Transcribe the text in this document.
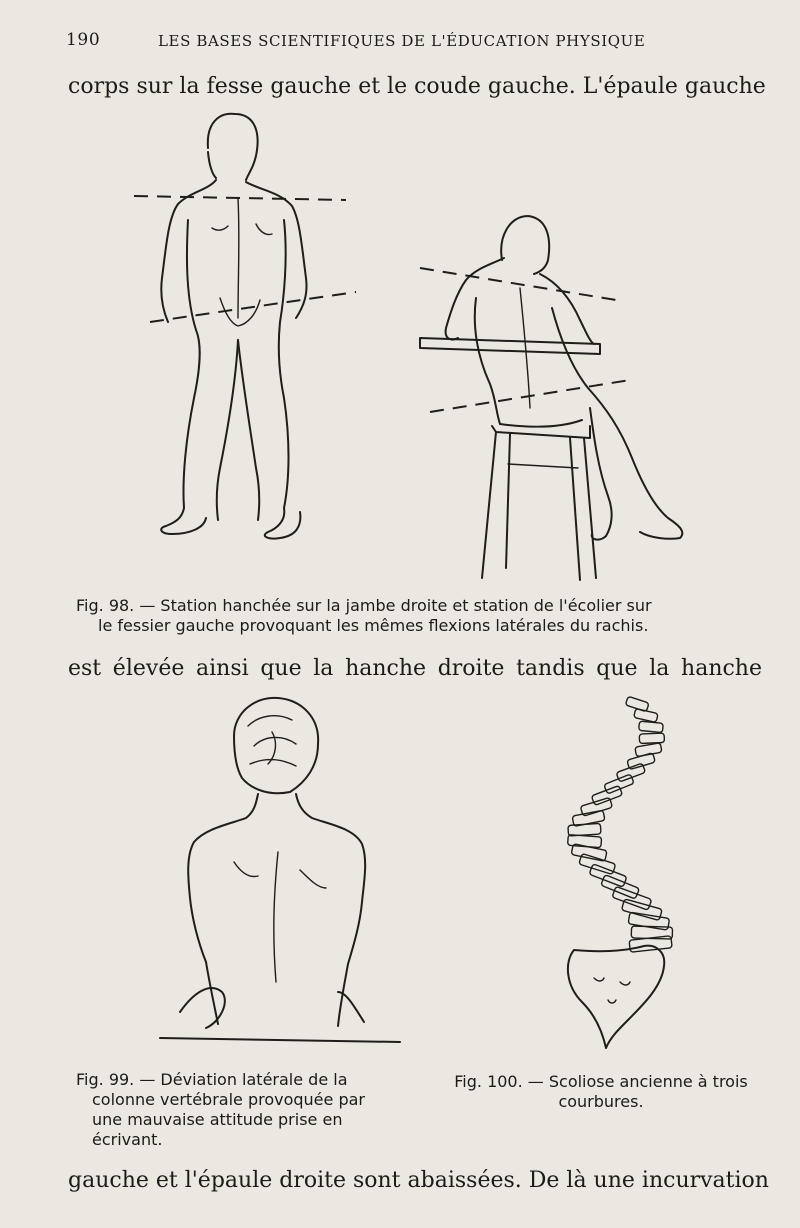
190	LES BASES SCIENTIFIQUES DE L'ÉDUCATION PHYSIQUE
corps sur la fesse gauche et le coude gauche. L'épaule gauche
Fig. 98. — Station hanchée sur la jambe droite et station de l'écolier sur
le fessier gauche provoquant les mêmes flexions latérales du rachis.
est élevée ainsi que la hanche droite tandis que la hanche
Fig. 99. — Déviation latérale de la
colonne vertébrale provoquée par
une mauvaise attitude prise en
écrivant.
Fig. 100. — Scoliose ancienne à trois
courbures.
gauche et l'épaule droite sont abaissées. De là une incurvation
